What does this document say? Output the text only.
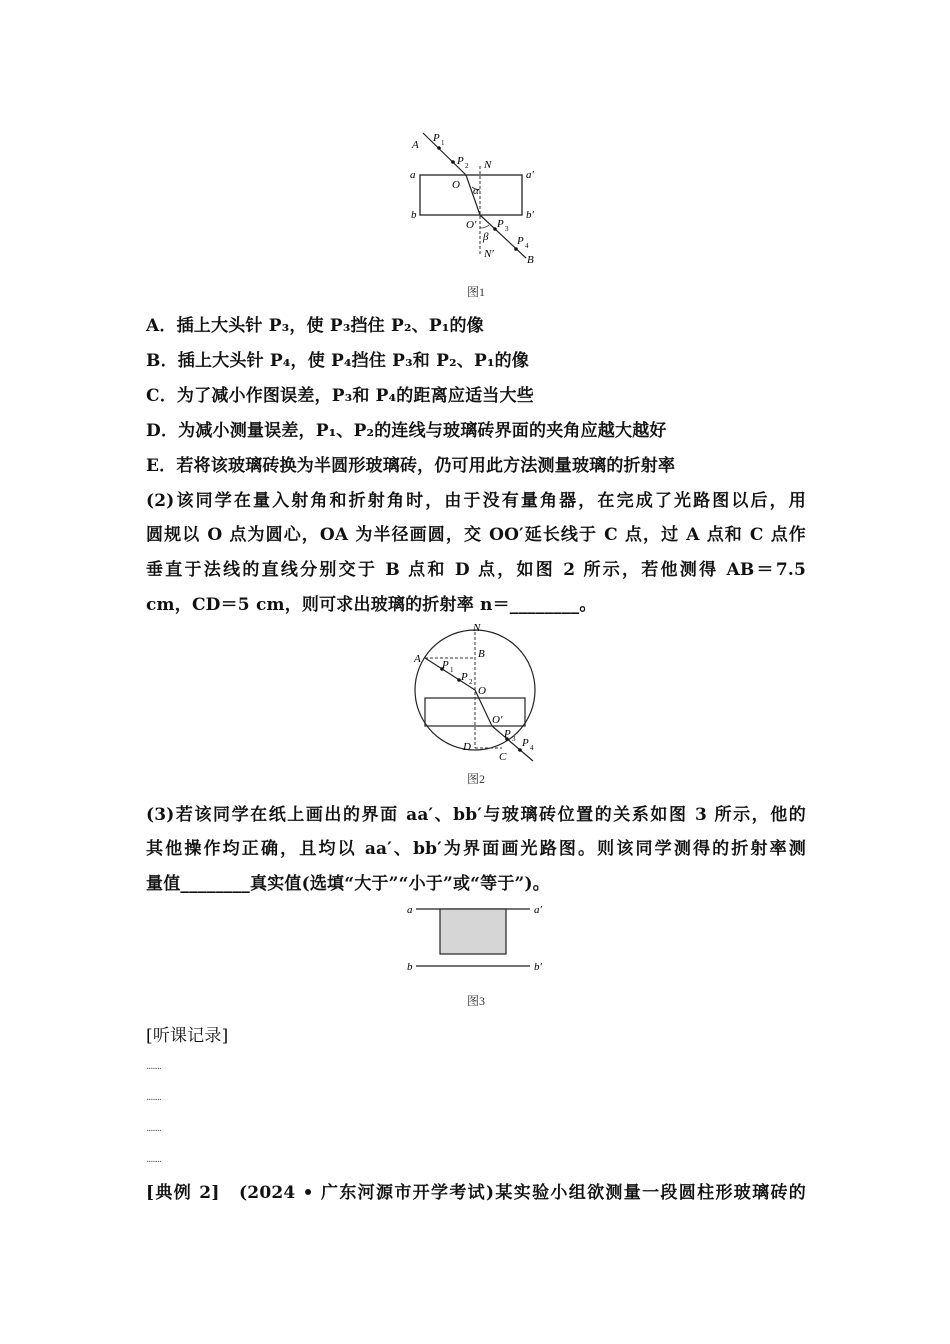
A
P 1
P 2 N
a	a′
O α
b	b′
O′ P 3
β	P 4
N′	B
图1
A．插上大头针 P₃，使 P₃挡住 P₂、P₁的像
B．插上大头针 P₄，使 P₄挡住 P₃和 P₂、P₁的像
C．为了减小作图误差，P₃和 P₄的距离应适当大些
D．为减小测量误差，P₁、P₂的连线与玻璃砖界面的夹角应越大越好
E．若将该玻璃砖换为半圆形玻璃砖，仍可用此方法测量玻璃的折射率
(2)该同学在量入射角和折射角时，由于没有量角器，在完成了光路图以后，用
圆规以 O 点为圆心，OA 为半径画圆，交 OO′延长线于 C 点，过 A 点和 C 点作
垂直于法线的直线分别交于 B 点和 D 点，如图 2 所示，若他测得 AB＝7.5
cm，CD＝5 cm，则可求出玻璃的折射率 n＝________。
N
A	B
P 1
P 2
O
O′
D
P 3 P 4
C
图2
(3)若该同学在纸上画出的界面 aa′、bb′与玻璃砖位置的关系如图 3 所示，他的
其他操作均正确，且均以 aa′、bb′为界面画光路图。则该同学测得的折射率测
量值________真实值(选填“大于”“小于”或“等于”)。
a	a′
b	b′
图3
[听课记录]
........
........
........
........
[典例 2]　(2024 • 广东河源市开学考试)某实验小组欲测量一段圆柱形玻璃砖的
